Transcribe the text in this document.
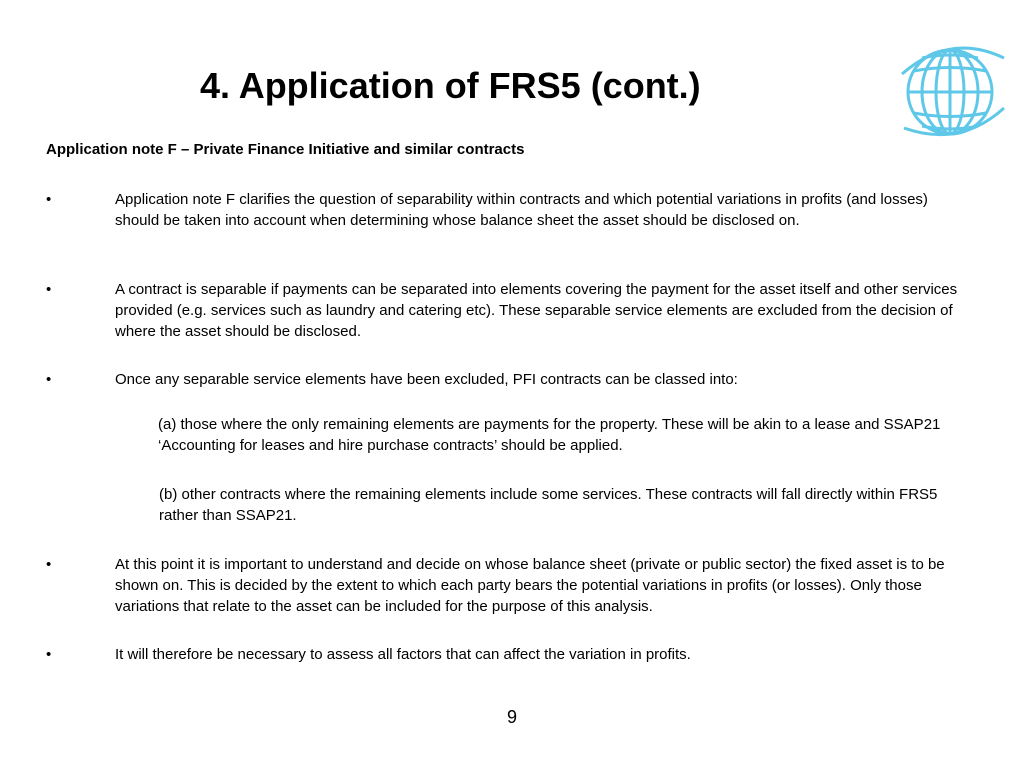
4. Application of FRS5 (cont.)
Application note F – Private Finance Initiative and similar contracts
•	Application note F clarifies the question of separability within contracts and which potential variations in profits (and losses) should be taken into account when determining whose balance sheet the asset should be disclosed on.
•	A contract is separable if payments can be separated into elements covering the payment for the asset itself and other services provided (e.g. services such as laundry and catering etc). These separable service elements are excluded from the decision of where the asset should be disclosed.
•	Once any separable service elements have been excluded, PFI contracts can be classed into:
(a) those where the only remaining elements are payments for the property. These will be akin to a lease and SSAP21 ‘Accounting for leases and hire purchase contracts’ should be applied.
(b) other contracts where the remaining elements include some services. These contracts will fall directly within FRS5 rather than SSAP21.
•	At this point it is important to understand and decide on whose balance sheet (private or public sector) the fixed asset is to be shown on. This is decided by the extent to which each party bears the potential variations in profits (or losses). Only those variations that relate to the asset can be included for the purpose of this analysis.
•	It will therefore be necessary to assess all factors that can affect the variation in profits.
9
